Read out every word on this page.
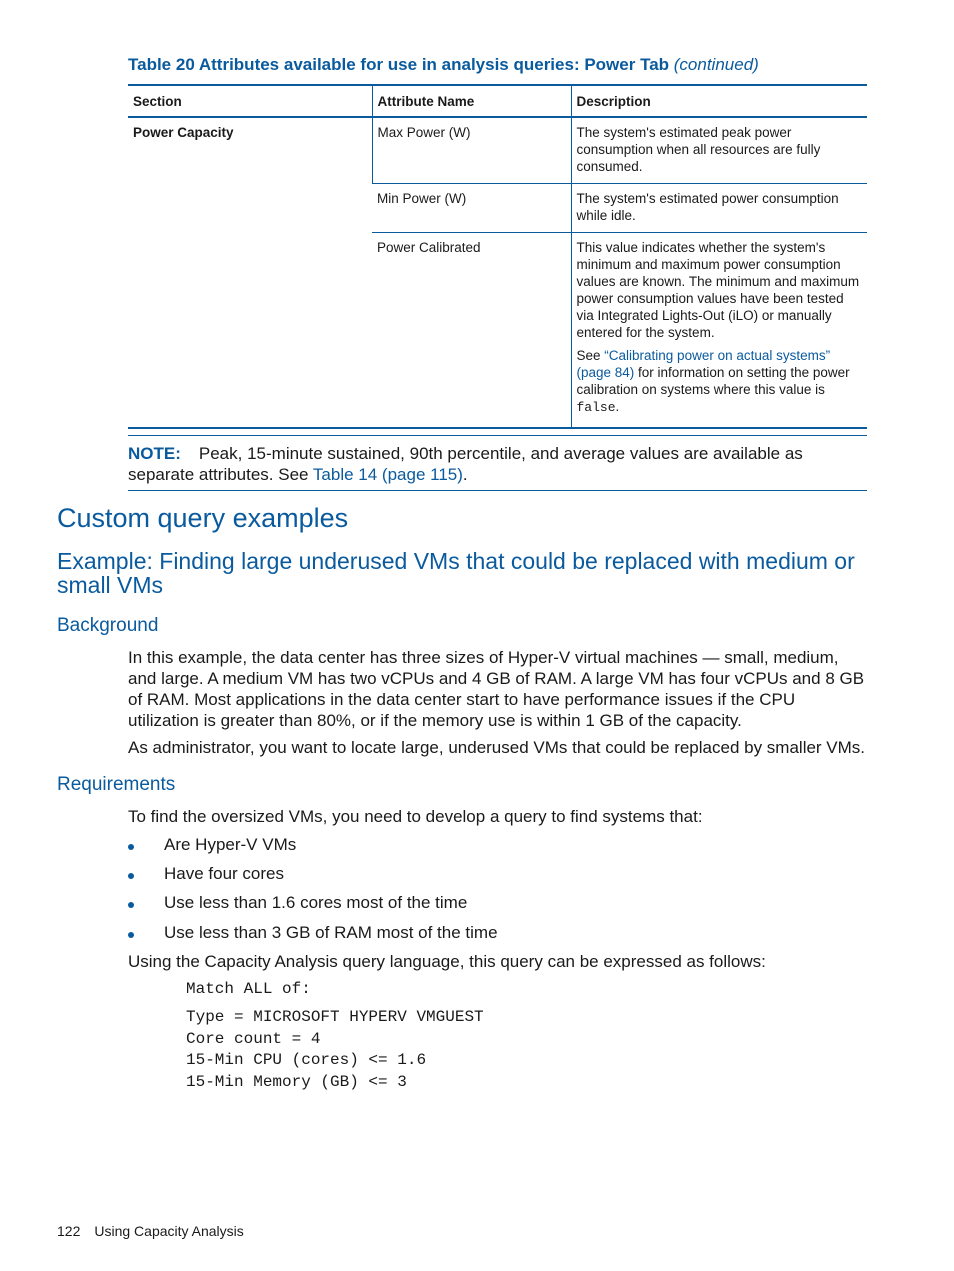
Table 20 Attributes available for use in analysis queries: Power Tab (continued)
Section	Attribute Name	Description
Power Capacity	Max Power (W)	The system's estimated peak power consumption when all resources are fully consumed.
	Min Power (W)	The system's estimated power consumption while idle.
	Power Calibrated	This value indicates whether the system's minimum and maximum power consumption values are known. The minimum and maximum power consumption values have been tested via Integrated Lights-Out (iLO) or manually entered for the system.
See “Calibrating power on actual systems” (page 84) for information on setting the power calibration on systems where this value is false.
NOTE: Peak, 15-minute sustained, 90th percentile, and average values are available as separate attributes. See Table 14 (page 115).
Custom query examples
Example: Finding large underused VMs that could be replaced with medium or small VMs
Background
In this example, the data center has three sizes of Hyper-V virtual machines — small, medium, and large. A medium VM has two vCPUs and 4 GB of RAM. A large VM has four vCPUs and 8 GB of RAM. Most applications in the data center start to have performance issues if the CPU utilization is greater than 80%, or if the memory use is within 1 GB of the capacity.
As administrator, you want to locate large, underused VMs that could be replaced by smaller VMs.
Requirements
To find the oversized VMs, you need to develop a query to find systems that:
Are Hyper-V VMs
Have four cores
Use less than 1.6 cores most of the time
Use less than 3 GB of RAM most of the time
Using the Capacity Analysis query language, this query can be expressed as follows:
Match ALL of:
Type = MICROSOFT HYPERV VMGUEST
Core count = 4
15-Min CPU (cores) <= 1.6
15-Min Memory (GB) <= 3
122 Using Capacity Analysis
